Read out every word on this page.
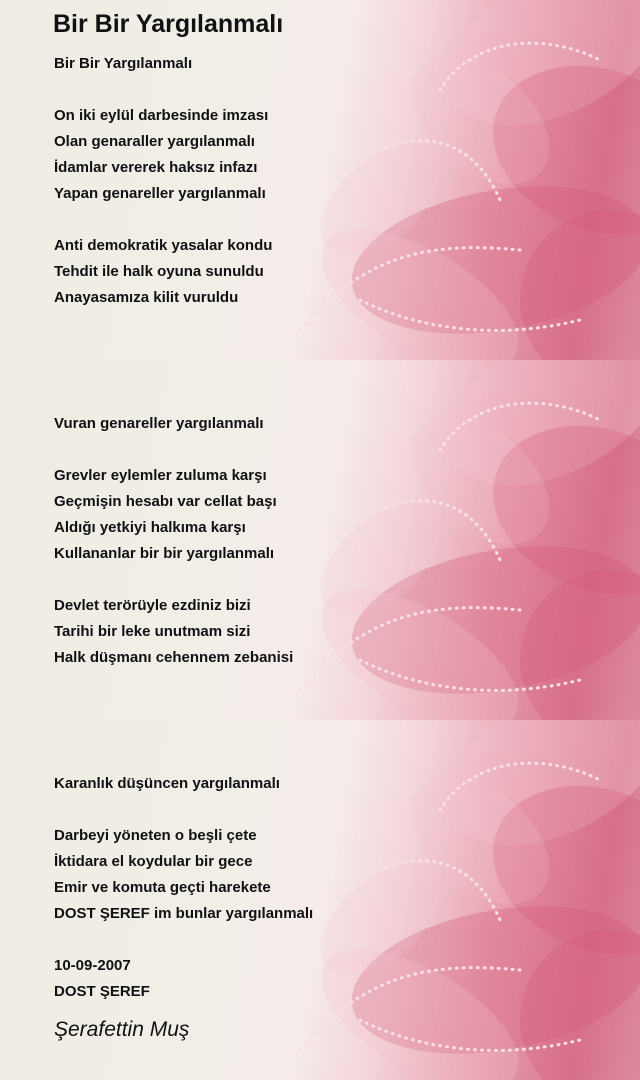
Bir Bir Yargılanmalı

Bir Bir Yargılanmalı

On iki eylül darbesinde imzası

Olan genaraller yargılanmalı

İdamlar vererek haksız infazı

Yapan genareller yargılanmalı

Anti demokratik yasalar kondu

Tehdit ile halk oyuna sunuldu

Anayasamıza kilit vuruldu

Vuran genareller yargılanmalı

Grevler eylemler zuluma karşı

Geçmişin hesabı var cellat başı

Aldığı yetkiyi halkıma karşı

Kullananlar bir bir yargılanmalı

Devlet terörüyle ezdiniz bizi

Tarihi bir leke unutmam sizi

Halk düşmanı cehennem zebanisi

Karanlık düşüncen yargılanmalı

Darbeyi yöneten o beşli çete

İktidara el koydular bir gece

Emir ve komuta geçti harekete

DOST ŞEREF im bunlar yargılanmalı

10-09-2007

DOST ŞEREF

Şerafettin Muş
